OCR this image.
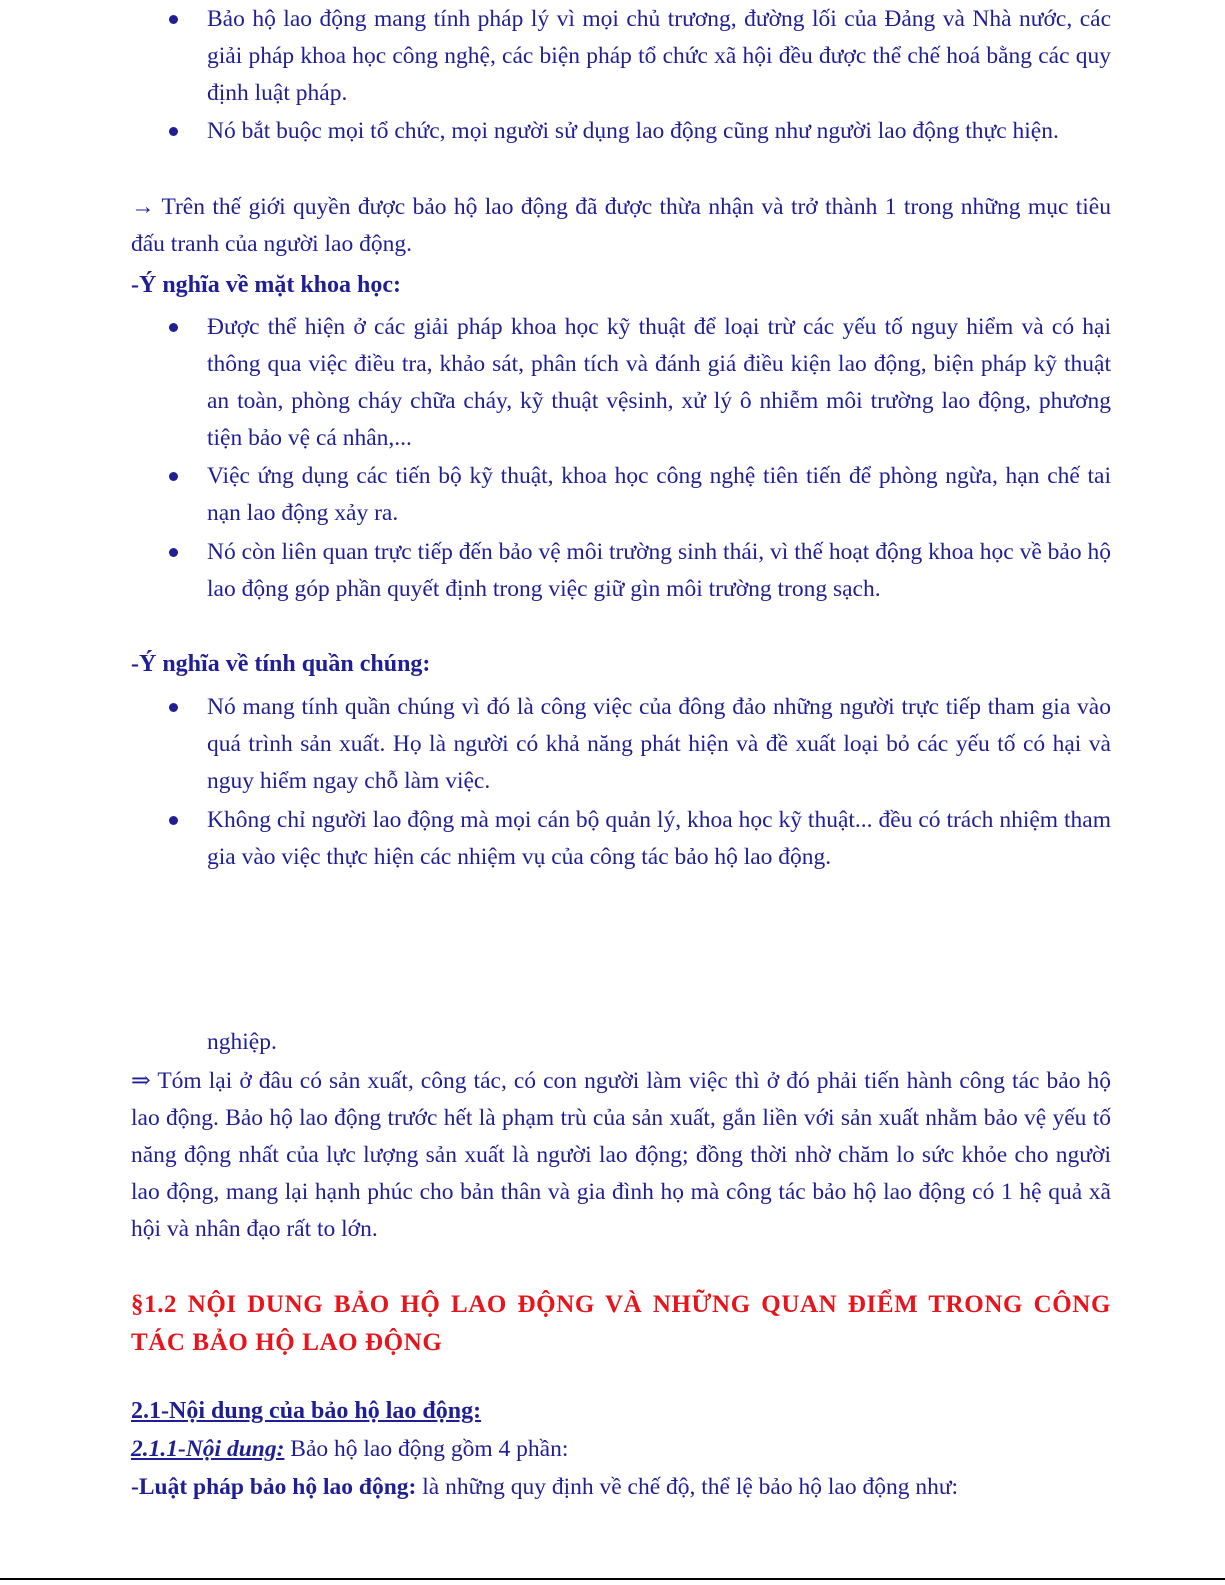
Bảo hộ lao động mang tính pháp lý vì mọi chủ trương, đường lối của Đảng và Nhà nước, các giải pháp khoa học công nghệ, các biện pháp tổ chức xã hội đều được thể chế hoá bằng các quy định luật pháp.

Nó bắt buộc mọi tổ chức, mọi người sử dụng lao động cũng như người lao động thực hiện.

→ Trên thế giới quyền được bảo hộ lao động đã được thừa nhận và trở thành 1 trong những mục tiêu đấu tranh của người lao động.

-Ý nghĩa về mặt khoa học:

Được thể hiện ở các giải pháp khoa học kỹ thuật để loại trừ các yếu tố nguy hiểm và có hại thông qua việc điều tra, khảo sát, phân tích và đánh giá điều kiện lao động, biện pháp kỹ thuật an toàn, phòng cháy chữa cháy, kỹ thuật vệsinh, xử lý ô nhiễm môi trường lao động, phương tiện bảo vệ cá nhân,...

Việc ứng dụng các tiến bộ kỹ thuật, khoa học công nghệ tiên tiến để phòng ngừa, hạn chế tai nạn lao động xảy ra.

Nó còn liên quan trực tiếp đến bảo vệ môi trường sinh thái, vì thế hoạt động khoa học về bảo hộ lao động góp phần quyết định trong việc giữ gìn môi trường trong sạch.

-Ý nghĩa về tính quần chúng:

Nó mang tính quần chúng vì đó là công việc của đông đảo những người trực tiếp tham gia vào quá trình sản xuất. Họ là người có khả năng phát hiện và đề xuất loại bỏ các yếu tố có hại và nguy hiểm ngay chỗ làm việc.

Không chỉ người lao động mà mọi cán bộ quản lý, khoa học kỹ thuật... đều có trách nhiệm tham gia vào việc thực hiện các nhiệm vụ của công tác bảo hộ lao động.

nghiệp.

⇒ Tóm lại ở đâu có sản xuất, công tác, có con người làm việc thì ở đó phải tiến hành công tác bảo hộ lao động. Bảo hộ lao động trước hết là phạm trù của sản xuất, gắn liền với sản xuất nhằm bảo vệ yếu tố năng động nhất của lực lượng sản xuất là người lao động; đồng thời nhờ chăm lo sức khỏe cho người lao động, mang lại hạnh phúc cho bản thân và gia đình họ mà công tác bảo hộ lao động có 1 hệ quả xã hội và nhân đạo rất to lớn.

§1.2 NỘI DUNG BẢO HỘ LAO ĐỘNG VÀ NHỮNG QUAN ĐIỂM TRONG CÔNG TÁC BẢO HỘ LAO ĐỘNG

2.1-Nội dung của bảo hộ lao động:

2.1.1-Nội dung: Bảo hộ lao động gồm 4 phần:

-Luật pháp bảo hộ lao động: là những quy định về chế độ, thể lệ bảo hộ lao động như:
